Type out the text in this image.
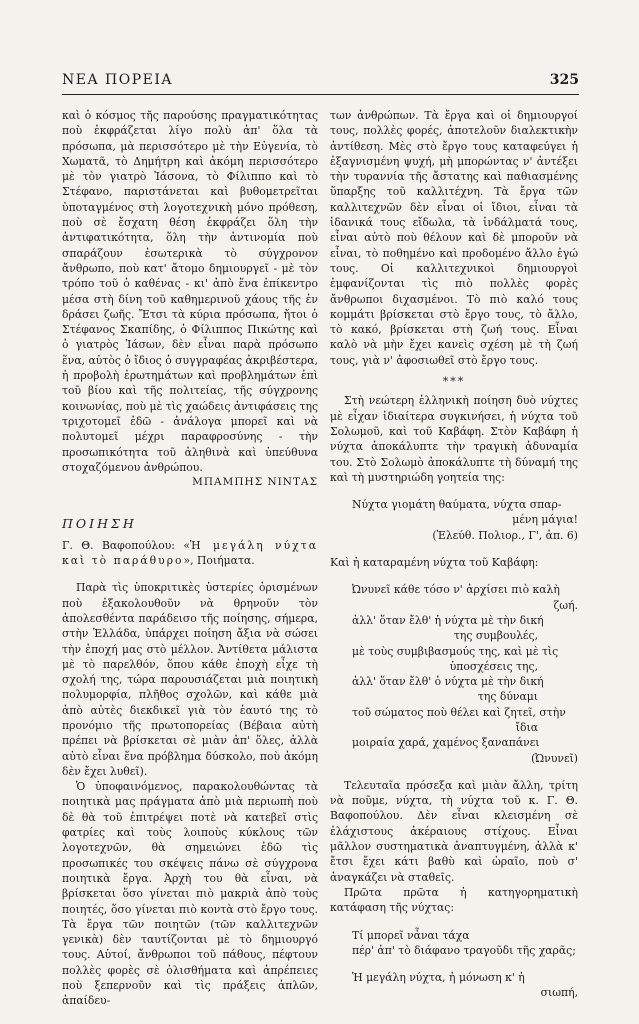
ΝΕΑ ΠΟΡΕΙΑ	325

καὶ ὁ κόσμος τῆς παρούσης πραγματικότητας ποὺ ἐκφράζεται λίγο πολὺ ἀπ' ὅλα τὰ πρόσωπα, μὰ περισσότερο μὲ τὴν Εὐγενία, τὸ Χωματᾶ, τὸ Δημήτρη καὶ ἀκόμη περισσότερο μὲ τὸν γιατρὸ Ἰάσονα, τὸ Φίλιππο καὶ τὸ Στέφανο, παριστάνεται καὶ βυθομετρεῖται ὑποταγμένος στὴ λογοτεχνικὴ μόνο πρόθεση, ποὺ σὲ ἔσχατη θέση ἐκφράζει ὅλη τὴν ἀντιφατικότητα, ὅλη τὴν ἀντινομία ποὺ σπαράζουν ἐσωτερικὰ τὸ σύγχρονον ἄνθρωπο, ποὺ κατ' ἄτομο δημιουργεῖ - μὲ τὸν τρόπο τοῦ ὁ καθένας - κι' ἀπὸ ἕνα ἐπίκεντρο μέσα στὴ δίνη τοῦ καθημερινοῦ χάους τῆς ἐν δράσει ζωῆς. Ἔτσι τὰ κύρια πρόσωπα, ἤτοι ὁ Στέφανος Σκαπίδης, ὁ Φίλιππος Πικώτης καὶ ὁ γιατρὸς Ἰάσων, δὲν εἶναι παρὰ πρόσωπο ἕνα, αὐτὸς ὁ ἴδιος ὁ συγγραφέας ἀκριβέστερα, ἡ προβολὴ ἐρωτημάτων καὶ προβλημάτων ἐπὶ τοῦ βίου καὶ τῆς πολιτείας, τῆς σύγχρονης κοινωνίας, ποὺ μὲ τὶς χαώδεις ἀντιφάσεις της τριχοτομεῖ ἐδῶ - ἀνάλογα μπορεῖ καὶ νὰ πολυτομεῖ μέχρι παραφροσύνης - τὴν προσωπικότητα τοῦ ἀληθινὰ καὶ ὑπεύθυνα στοχαζόμενου ἀνθρώπου.

ΜΠΑΜΠΗΣ ΝΙΝΤΑΣ

ΠΟΙΗΣΗ

Γ. Θ. Βαφοπούλου: «Ἡ μεγάλη νύχτα καὶ τὸ παράθυρο», Ποιήματα.

Παρὰ τὶς ὑποκριτικὲς ὑστερίες ὁρισμένων ποὺ ἐξακολουθοῦν νὰ θρηνοῦν τὸν ἀπολεσθέντα παράδεισο τῆς ποίησης, σήμερα, στὴν Ἑλλάδα, ὑπάρχει ποίηση ἄξια νὰ σώσει τὴν ἐποχή μας στὸ μέλλον. Ἀντίθετα μάλιστα μὲ τὸ παρελθόν, ὅπου κάθε ἐποχὴ εἶχε τὴ σχολή της, τώρα παρουσιάζεται μιὰ ποιητικὴ πολυμορφία, πλῆθος σχολῶν, καὶ κάθε μιὰ ἀπὸ αὐτὲς διεκδικεῖ γιὰ τὸν ἑαυτό της τὸ προνόμιο τῆς πρωτοπορείας (Βέβαια αὐτὴ πρέπει νὰ βρίσκεται σὲ μιὰν ἀπ' ὅλες, ἀλλὰ αὐτὸ εἶναι ἕνα πρόβλημα δύσκολο, ποὺ ἀκόμη δὲν ἔχει λυθεῖ).

Ὁ ὑποφαινόμενος, παρακολουθώντας τὰ ποιητικὰ μας πράγματα ἀπὸ μιὰ περιωπὴ ποὺ δὲ θὰ τοῦ ἐπιτρέψει ποτὲ νὰ κατεβεῖ στὶς φατρίες καὶ τοὺς λοιποὺς κύκλους τῶν λογοτεχνῶν, θὰ σημειώνει ἐδῶ τὶς προσωπικές του σκέψεις πάνω σὲ σύγχρονα ποιητικὰ ἔργα. Ἀρχὴ του θὰ εἶναι, νὰ βρίσκεται ὅσο γίνεται πιὸ μακριὰ ἀπὸ τοὺς ποιητές, ὅσο γίνεται πιὸ κοντὰ στὸ ἔργο τους. Τὰ ἔργα τῶν ποιητῶν (τῶν καλλιτεχνῶν γενικὰ) δὲν ταυτίζονται μὲ τὸ δημιουργό τους. Αὐτοί, ἄνθρωποι τοῦ πάθους, πέφτουν πολλὲς φορὲς σὲ ὀλισθήματα καὶ ἀπρέπειες ποὺ ξεπερνοῦν καὶ τὶς πράξεις ἁπλῶν, ἀπαίδευ-

των ἀνθρώπων. Τὰ ἔργα καὶ οἱ δημιουργοί τους, πολλὲς φορές, ἀποτελοῦν διαλεκτικὴν ἀντίθεση. Μὲς στὸ ἔργο τους καταφεύγει ἡ ἐξαγνισμένη ψυχή, μὴ μπορώντας ν' ἀντέξει τὴν τυραννία τῆς ἄστατης καὶ παθιασμένης ὕπαρξης τοῦ καλλιτέχνη. Τὰ ἔργα τῶν καλλιτεχνῶν δὲν εἶναι οἱ ἴδιοι, εἶναι τὰ ἰδανικά τους εἴδωλα, τὰ ἰνδάλματά τους, εἶναι αὐτὸ ποὺ θέλουν καὶ δὲ μποροῦν νὰ εἶναι, τὸ ποθημένο καὶ προδομένο ἄλλο ἐγώ τους. Οἱ καλλιτεχνικοὶ δημιουργοὶ ἐμφανίζονται τὶς πιὸ πολλὲς φορὲς ἄνθρωποι διχασμένοι. Τὸ πιὸ καλό τους κομμάτι βρίσκεται στὸ ἔργο τους, τὸ ἄλλο, τὸ κακό, βρίσκεται στὴ ζωή τους. Εἶναι καλὸ νὰ μὴν ἔχει κανεὶς σχέση μὲ τὴ ζωή τους, γιὰ ν' ἀφοσιωθεῖ στὸ ἔργο τους.

***

Στὴ νεώτερη ἑλληνικὴ ποίηση δυὸ νύχτες μὲ εἶχαν ἰδιαίτερα συγκινήσει, ἡ νύχτα τοῦ Σολωμοῦ, καὶ τοῦ Καβάφη. Στὸν Καβάφη ἡ νύχτα ἀποκάλυπτε τὴν τραγικὴ ἀδυναμία του. Στὸ Σολωμὸ ἀποκάλυπτε τὴ δύναμή της καὶ τὴ μυστηριώδη γοητεία της:

Νύχτα γιομάτη θαύματα, νύχτα σπαρ-
μένη μάγια!
(Ἐλεύθ. Πολιορ., Γ', ἀπ. 6)

Καὶ ἡ καταραμένη νύχτα τοῦ Καβάφη:

Ὠνυνεῖ κάθε τόσο ν' ἀρχίσει πιὸ καλὴ
ζωή.
ἀλλ' ὅταν ἔλθ' ἡ νύχτα μὲ τὴν δική
της συμβουλές,
μὲ τοὺς συμβιβασμούς της, καὶ μὲ τὶς
ὑποσχέσεις της,
ἀλλ' ὅταν ἔλθ' ὁ νύχτα μὲ τὴν δική
της δύναμι
τοῦ σώματος ποὺ θέλει καὶ ζητεῖ, στὴν
ἴδια
μοιραία χαρά, χαμένος ξαναπάνει
(Ὠνυνεῖ)

Τελευταῖα πρόσεξα καὶ μιὰν ἄλλη, τρίτη νὰ ποῦμε, νύχτα, τὴ νύχτα τοῦ κ. Γ. Θ. Βαφοπούλου. Δὲν εἶναι κλεισμένη σὲ ἐλάχιστους ἀκέραιους στίχους. Εἶναι μᾶλλον συστηματικὰ ἀναπτυγμένη, ἀλλὰ κ' ἔτσι ἔχει κάτι βαθὺ καὶ ὡραῖο, ποὺ σ' ἀναγκάζει νὰ σταθεῖς.

Πρῶτα πρῶτα ἡ κατηγορηματικὴ κατάφαση τῆς νύχτας:

Τί μπορεῖ νἆναι τάχα
πέρ' ἀπ' τὸ διάφανο τραγοῦδι τῆς χαρᾶς;
Ἡ μεγάλη νύχτα, ἡ μόνωση κ' ἡ
σιωπή,
